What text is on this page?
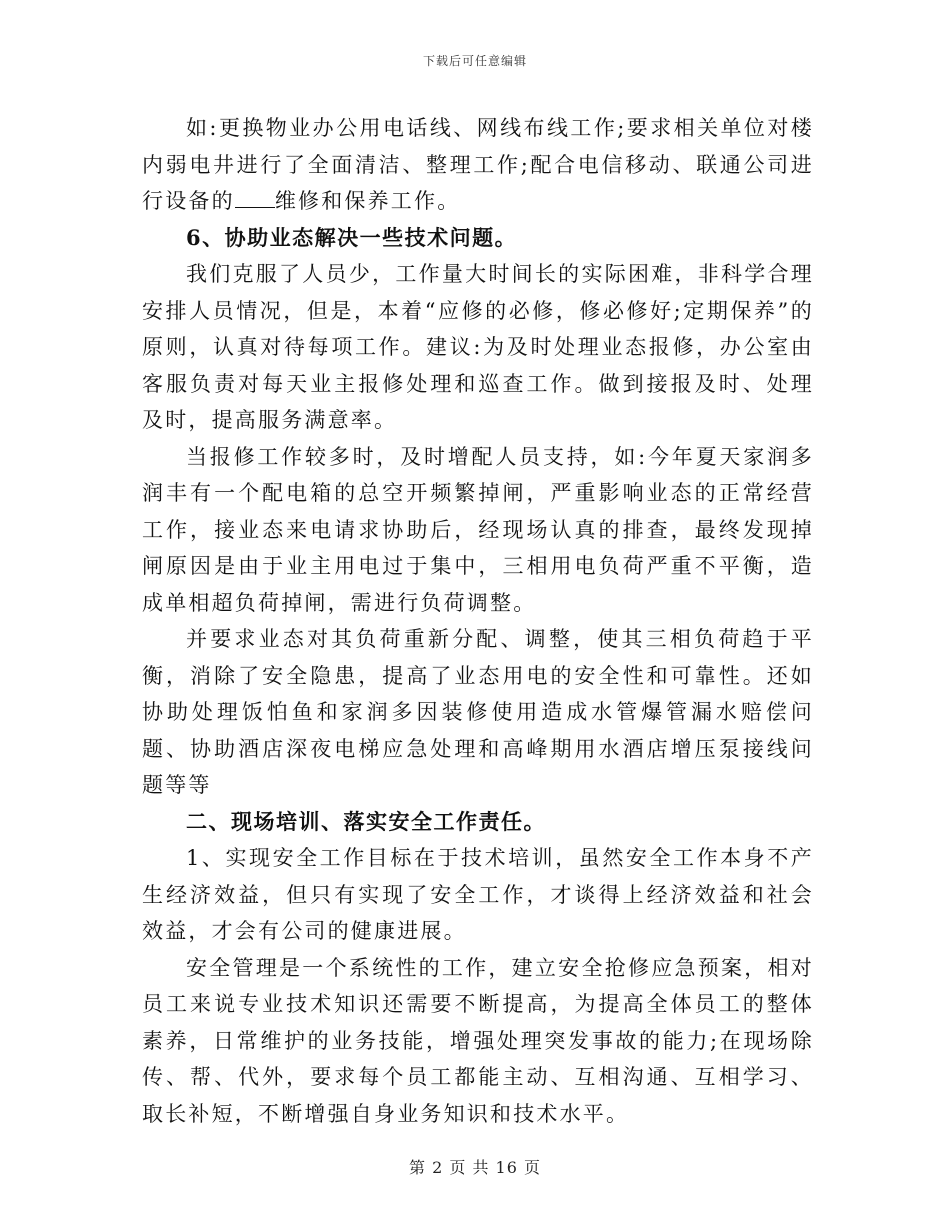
下载后可任意编辑

如:更换物业办公用电话线、网线布线工作;要求相关单位对楼内弱电井进行了全面清洁、整理工作;配合电信移动、联通公司进行设备的 维修和保养工作。

6、协助业态解决一些技术问题。

我们克服了人员少，工作量大时间长的实际困难，非科学合理安排人员情况，但是，本着“应修的必修，修必修好;定期保养”的原则，认真对待每项工作。建议:为及时处理业态报修，办公室由客服负责对每天业主报修处理和巡查工作。做到接报及时、处理及时，提高服务满意率。

当报修工作较多时，及时增配人员支持，如:今年夏天家润多润丰有一个配电箱的总空开频繁掉闸，严重影响业态的正常经营工作，接业态来电请求协助后，经现场认真的排查，最终发现掉闸原因是由于业主用电过于集中，三相用电负荷严重不平衡，造成单相超负荷掉闸，需进行负荷调整。

并要求业态对其负荷重新分配、调整，使其三相负荷趋于平衡，消除了安全隐患，提高了业态用电的安全性和可靠性。还如协助处理饭怕鱼和家润多因装修使用造成水管爆管漏水赔偿问题、协助酒店深夜电梯应急处理和高峰期用水酒店增压泵接线问题等等

二、现场培训、落实安全工作责任。

1、实现安全工作目标在于技术培训，虽然安全工作本身不产生经济效益，但只有实现了安全工作，才谈得上经济效益和社会效益，才会有公司的健康进展。

安全管理是一个系统性的工作，建立安全抢修应急预案，相对员工来说专业技术知识还需要不断提高，为提高全体员工的整体素养，日常维护的业务技能，增强处理突发事故的能力;在现场除传、帮、代外，要求每个员工都能主动、互相沟通、互相学习、取长补短，不断增强自身业务知识和技术水平。

第 2 页 共 16 页
